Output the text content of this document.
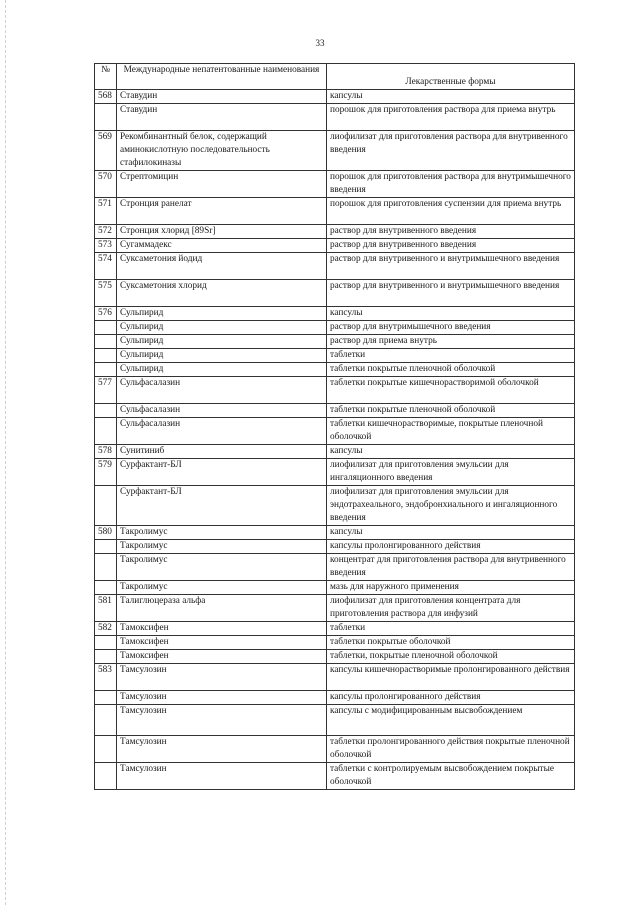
33
№	Международные непатентованные наименования	Лекарственные формы
568	Ставудин	капсулы
	Ставудин	порошок для приготовления раствора для приема внутрь
569	Рекомбинантный белок, содержащий аминокислотную последовательность стафилокиназы	лиофилизат для приготовления раствора для внутривенного введения
570	Стрептомицин	порошок для приготовления раствора для внутримышечного введения
571	Стронция ранелат	порошок для приготовления суспензии для приема внутрь
572	Стронция хлорид [89Sr]	раствор для внутривенного введения
573	Сугаммадекс	раствор для внутривенного введения
574	Суксаметония йодид	раствор для внутривенного и внутримышечного введения
575	Суксаметония хлорид	раствор для внутривенного и внутримышечного введения
576	Сульпирид	капсулы
	Сульпирид	раствор для внутримышечного введения
	Сульпирид	раствор для приема внутрь
	Сульпирид	таблетки
	Сульпирид	таблетки покрытые пленочной оболочкой
577	Сульфасалазин	таблетки покрытые кишечнорастворимой оболочкой
	Сульфасалазин	таблетки покрытые пленочной оболочкой
	Сульфасалазин	таблетки кишечнорастворимые, покрытые пленочной оболочкой
578	Сунитиниб	капсулы
579	Сурфактант-БЛ	лиофилизат для приготовления эмульсии для ингаляционного введения
	Сурфактант-БЛ	лиофилизат для приготовления эмульсии для эндотрахеального, эндобронхиального и ингаляционного введения
580	Такролимус	капсулы
	Такролимус	капсулы пролонгированного действия
	Такролимус	концентрат для приготовления раствора для внутривенного введения
	Такролимус	мазь для наружного применения
581	Талиглюцераза альфа	лиофилизат для приготовления концентрата для приготовления раствора для инфузий
582	Тамоксифен	таблетки
	Тамоксифен	таблетки покрытые оболочкой
	Тамоксифен	таблетки, покрытые пленочной оболочкой
583	Тамсулозин	капсулы кишечнорастворимые пролонгированного действия
	Тамсулозин	капсулы пролонгированного действия
	Тамсулозин	капсулы с модифицированным высвобождением
	Тамсулозин	таблетки пролонгированного действия покрытые пленочной оболочкой
	Тамсулозин	таблетки с контролируемым высвобождением покрытые оболочкой
